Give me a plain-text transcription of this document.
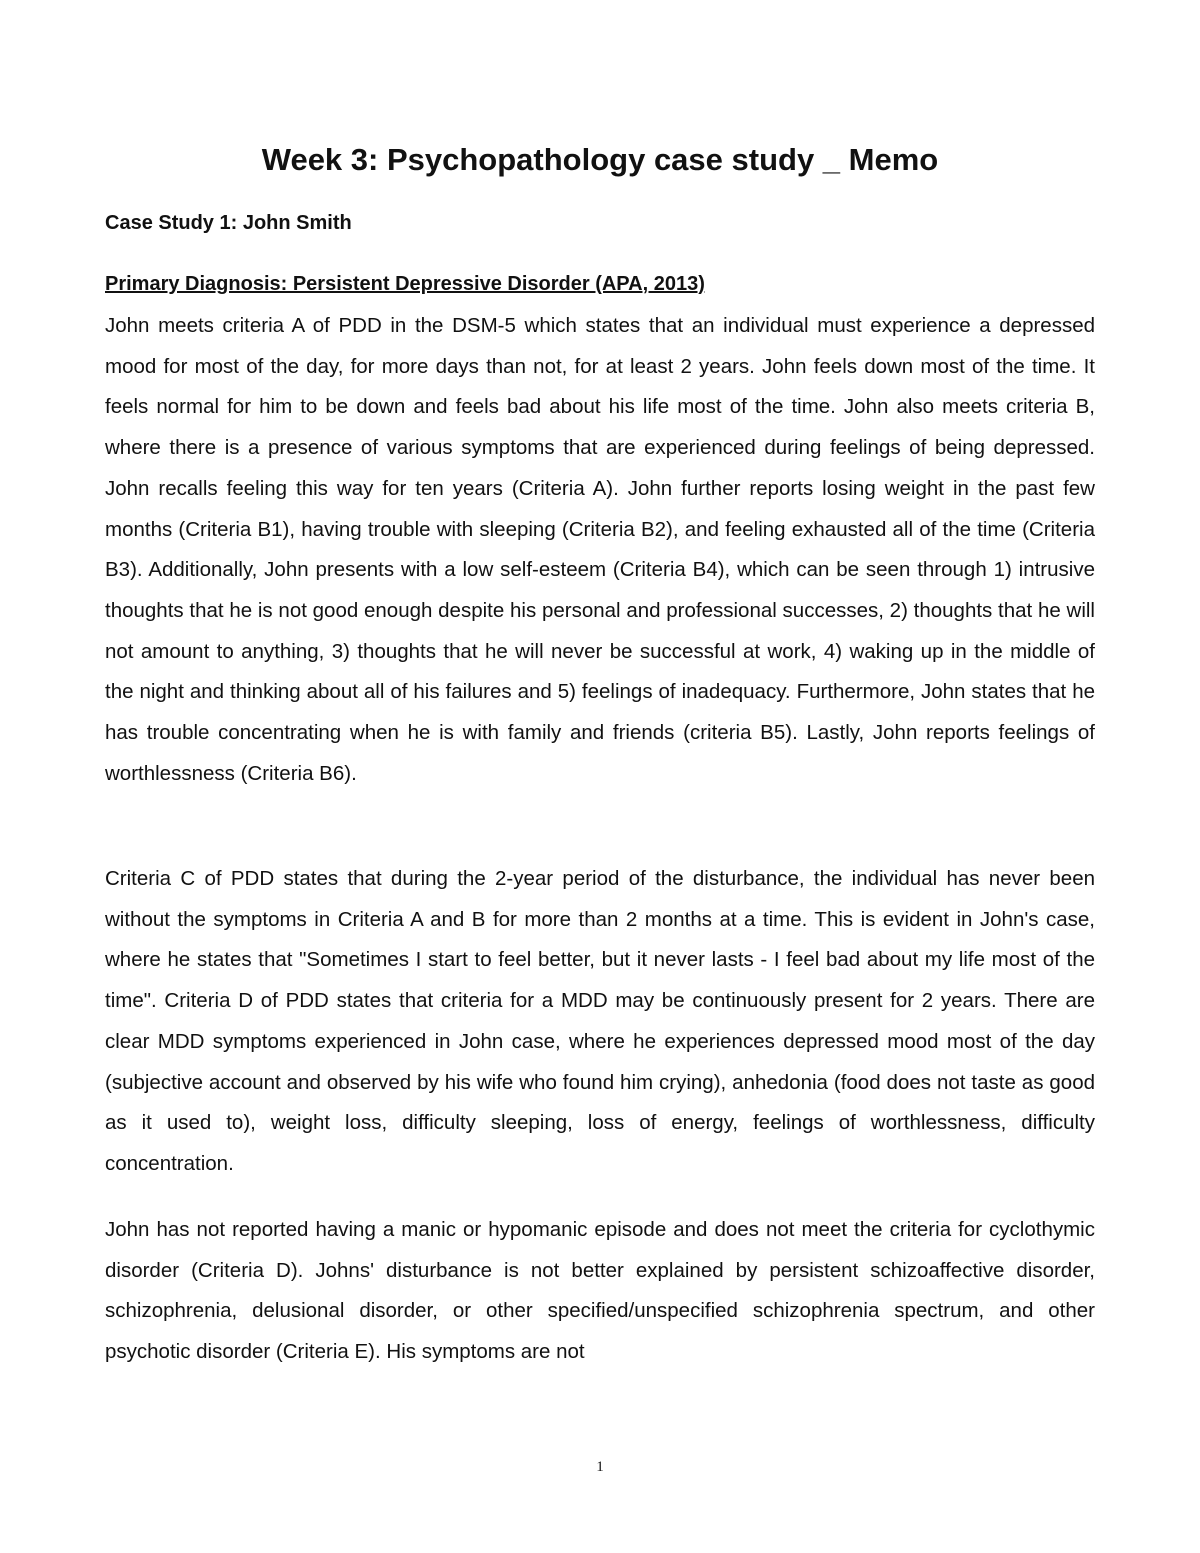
Week 3: Psychopathology case study _ Memo
Case Study 1: John Smith
Primary Diagnosis: Persistent Depressive Disorder (APA, 2013)

John meets criteria A of PDD in the DSM-5 which states that an individual must experience a depressed mood for most of the day, for more days than not, for at least 2 years. John feels down most of the time. It feels normal for him to be down and feels bad about his life most of the time. John also meets criteria B, where there is a presence of various symptoms that are experienced during feelings of being depressed. John recalls feeling this way for ten years (Criteria A). John further reports losing weight in the past few months (Criteria B1), having trouble with sleeping (Criteria B2), and feeling exhausted all of the time (Criteria B3). Additionally, John presents with a low self-esteem (Criteria B4), which can be seen through 1) intrusive thoughts that he is not good enough despite his personal and professional successes, 2) thoughts that he will not amount to anything, 3) thoughts that he will never be successful at work, 4) waking up in the middle of the night and thinking about all of his failures and 5) feelings of inadequacy. Furthermore, John states that he has trouble concentrating when he is with family and friends (criteria B5). Lastly, John reports feelings of worthlessness (Criteria B6).

Criteria C of PDD states that during the 2-year period of the disturbance, the individual has never been without the symptoms in Criteria A and B for more than 2 months at a time. This is evident in John's case, where he states that "Sometimes I start to feel better, but it never lasts - I feel bad about my life most of the time". Criteria D of PDD states that criteria for a MDD may be continuously present for 2 years. There are clear MDD symptoms experienced in John case, where he experiences depressed mood most of the day (subjective account and observed by his wife who found him crying), anhedonia (food does not taste as good as it used to), weight loss, difficulty sleeping, loss of energy, feelings of worthlessness, difficulty concentration.

John has not reported having a manic or hypomanic episode and does not meet the criteria for cyclothymic disorder (Criteria D). Johns' disturbance is not better explained by persistent schizoaffective disorder, schizophrenia, delusional disorder, or other specified/unspecified schizophrenia spectrum, and other psychotic disorder (Criteria E). His symptoms are not

1
